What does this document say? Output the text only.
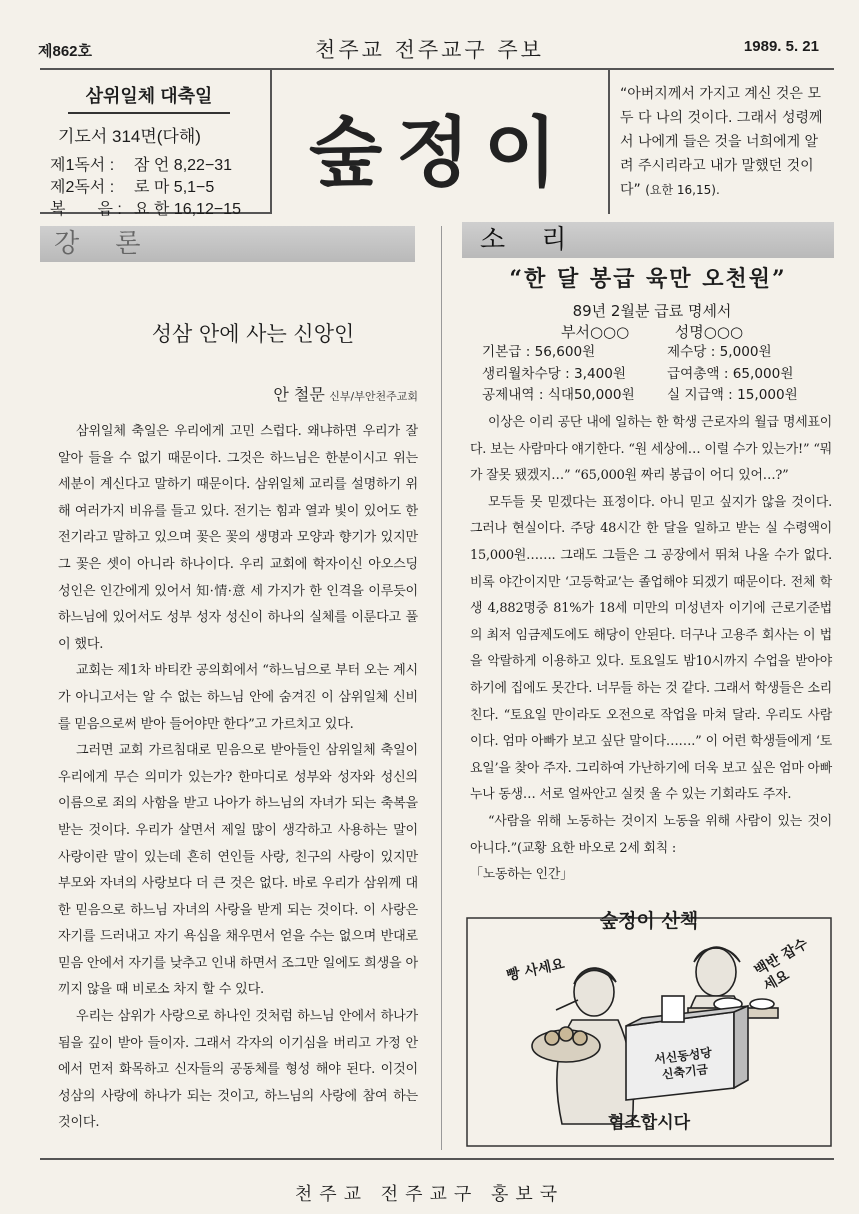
제862호	천주교 전주교구 주보	1989. 5. 21
삼위일체 대축일
기도서 314면(다해)
제1독서 : 잠 언 8,22−31
제2독서 : 로 마 5,1−5
복　　음 : 요 한 16,12−15
숲정이
“아버지께서 가지고 계신 것은 모두 다 나의 것이다. 그래서 성령께서 나에게 들은 것을 너희에게 알려 주시리라고 내가 말했던 것이다” (요한 16,15).
강 론	소 리
성삼 안에 사는 신앙인
안 철문 신부/부안천주교회

삼위일체 축일은 우리에게 고민 스럽다. 왜냐하면 우리가 잘 알아 들을 수 없기 때문이다. 그것은 하느님은 한분이시고 위는 세분이 계신다고 말하기 때문이다. 삼위일체 교리를 설명하기 위해 여러가지 비유를 들고 있다. 전기는 힘과 열과 빛이 있어도 한 전기라고 말하고 있으며 꽃은 꽃의 생명과 모양과 향기가 있지만 그 꽃은 셋이 아니라 하나이다. 우리 교회에 학자이신 아오스딩 성인은 인간에게 있어서 知·情·意 세 가지가 한 인격을 이루듯이 하느님에 있어서도 성부 성자 성신이 하나의 실체를 이룬다고 풀이 했다.

교회는 제1차 바티칸 공의회에서 “하느님으로 부터 오는 계시가 아니고서는 알 수 없는 하느님 안에 숨겨진 이 삼위일체 신비를 믿음으로써 받아 들어야만 한다”고 가르치고 있다.

그러면 교회 가르침대로 믿음으로 받아들인 삼위일체 축일이 우리에게 무슨 의미가 있는가? 한마디로 성부와 성자와 성신의 이름으로 죄의 사함을 받고 나아가 하느님의 자녀가 되는 축복을 받는 것이다. 우리가 살면서 제일 많이 생각하고 사용하는 말이 사랑이란 말이 있는데 흔히 연인들 사랑, 친구의 사랑이 있지만 부모와 자녀의 사랑보다 더 큰 것은 없다. 바로 우리가 삼위께 대한 믿음으로 하느님 자녀의 사랑을 받게 되는 것이다. 이 사랑은 자기를 드러내고 자기 욕심을 채우면서 얻을 수는 없으며 반대로 믿음 안에서 자기를 낮추고 인내 하면서 조그만 일에도 희생을 아끼지 않을 때 비로소 차지 할 수 있다.

우리는 삼위가 사랑으로 하나인 것처럼 하느님 안에서 하나가 됨을 깊이 받아 들이자. 그래서 각자의 이기심을 버리고 가정 안에서 먼저 화목하고 신자들의 공동체를 형성 해야 된다. 이것이 성삼의 사랑에 하나가 되는 것이고, 하느님의 사랑에 참여 하는 것이다.

“한 달 봉급 육만 오천원”
89년 2월분 급료 명세서
부서○○○	성명○○○
기본급 : 56,600원	제수당 : 5,000원
생리월차수당 : 3,400원	급여총액 : 65,000원
공제내역 : 식대50,000원	실 지급액 : 15,000원

이상은 이리 공단 내에 일하는 한 학생 근로자의 월급 명세표이다. 보는 사람마다 얘기한다. “원 세상에… 이럴 수가 있는가!” “뭐가 잘못 됐겠지…” “65,000원 짜리 봉급이 어디 있어…?”

모두들 못 믿겠다는 표정이다. 아니 믿고 싶지가 않을 것이다. 그러나 현실이다. 주당 48시간 한 달을 일하고 받는 실 수령액이 15,000원……. 그래도 그들은 그 공장에서 뛰쳐 나올 수가 없다. 비록 야간이지만 ‘고등학교’는 졸업해야 되겠기 때문이다. 전체 학생 4,882명중 81%가 18세 미만의 미성년자 이기에 근로기준법의 최저 임금제도에도 해당이 안된다. 더구나 고용주 회사는 이 법을 악랄하게 이용하고 있다. 토요일도 밤10시까지 수업을 받아야 하기에 집에도 못간다. 너무들 하는 것 같다. 그래서 학생들은 소리친다. “토요일 만이라도 오전으로 작업을 마쳐 달라. 우리도 사람이다. 엄마 아빠가 보고 싶단 말이다…….” 이 어런 학생들에게 ‘토요일’을 찾아 주자. 그리하여 가난하기에 더욱 보고 싶은 엄마 아빠 누나 동생… 서로 얼싸안고 실컷 울 수 있는 기회라도 주자.

“사람을 위해 노동하는 것이지 노동을 위해 사람이 있는 것이 아니다.”(교황 요한 바오로 2세 회칙 :

「노동하는 인간」

숲정이 산책
빵 사세요	백반 잡수세요
서신동성당
신축기금
협조합시다
천주교 전주교구 홍보국
